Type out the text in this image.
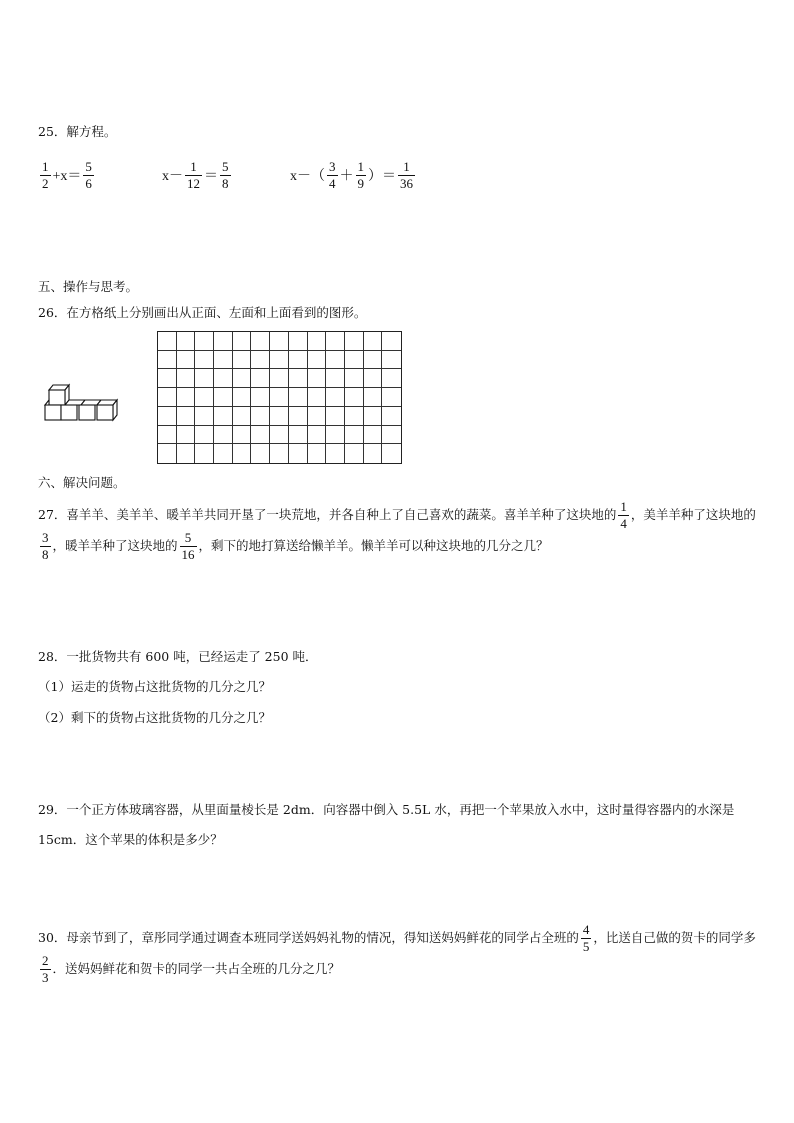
25．解方程。
$\frac{1}{2} +x= \frac{5}{6}$	$x- \frac{1}{12} = \frac{5}{8}$	$x-( \frac{3}{4} + \frac{1}{9}$ ）＝ $\frac{1}{36}$
五、操作与思考。
26．在方格纸上分别画出从正面、左面和上面看到的图形。
六、解决问题。
27．喜羊羊、美羊羊、暖羊羊共同开垦了一块荒地，并各自种上了自己喜欢的蔬菜。喜羊羊种了这块地的 $\frac{1}{4}$ ，美羊羊种了这块地的
$\frac{3}{8}$ ，暖羊羊种了这块地的 $\frac{5}{16}$ ，剩下的地打算送给懒羊羊。懒羊羊可以种这块地的几分之几？
28．一批货物共有 600 吨，已经运走了 250 吨．
（1）运走的货物占这批货物的几分之几？
（2）剩下的货物占这批货物的几分之几？
29．一个正方体玻璃容器，从里面量棱长是 2dm．向容器中倒入 5.5L 水，再把一个苹果放入水中，这时量得容器内的水深是 15cm．这个苹果的体积是多少？
30．母亲节到了，章彤同学通过调查本班同学送妈妈礼物的情况，得知送妈妈鲜花的同学占全班的 $\frac{4}{5}$ ，比送自己做的贺卡的同学多
$\frac{2}{3}$ ．送妈妈鲜花和贺卡的同学一共占全班的几分之几？
